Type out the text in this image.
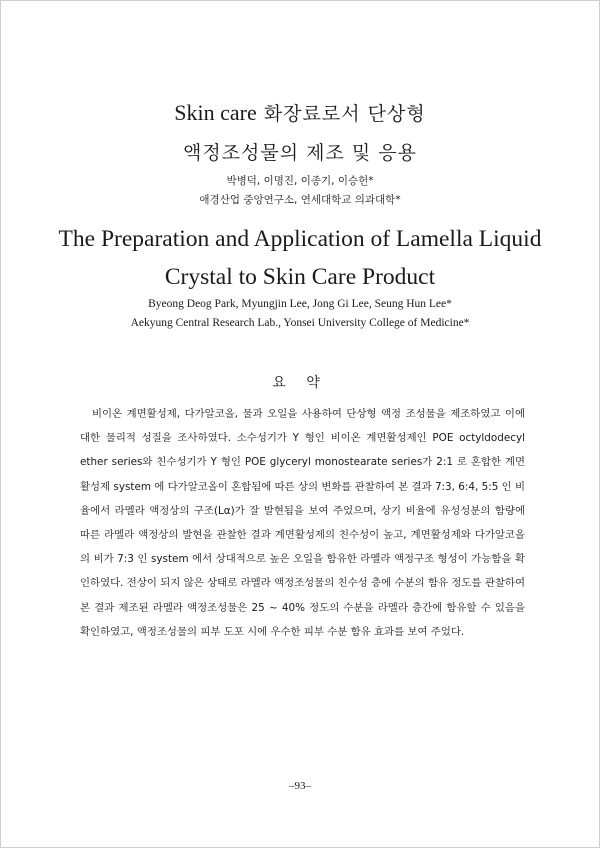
Skin care 화장료로서 단상형
액정조성물의 제조 및 응용
박병덕, 이명진, 이종기, 이승헌*
애경산업 중앙연구소, 연세대학교 의과대학*
The Preparation and Application of Lamella Liquid
Crystal to Skin Care Product
Byeong Deog Park, Myungjin Lee, Jong Gi Lee, Seung Hun Lee*
Aekyung Central Research Lab., Yonsei University College of Medicine*
요 약

비이온 계면활성제, 다가알코올, 물과 오일을 사용하여 단상형 액정 조성물을 제조하였고 이에 대한 물리적 성질을 조사하였다. 소수성기가 Y 형인 비이온 계면활성제인 POE octyldodecyl ether series와 친수성기가 Y 형인 POE glyceryl monostearate series가 2:1 로 혼합한 계면활성제 system 에 다가알코올이 혼합됨에 따른 상의 변화를 관찰하여 본 결과 7:3, 6:4, 5:5 인 비율에서 라멜라 액정상의 구조(Lα)가 잘 발현됨을 보여 주었으며, 상기 비율에 유성성분의 함량에 따른 라멜라 액정상의 발현을 관찰한 결과 계면활성제의 친수성이 높고, 계면활성제와 다가알코올의 비가 7:3 인 system 에서 상대적으로 높은 오일을 함유한 라멜라 액정구조 형성이 가능함을 확인하였다. 전상이 되지 않은 상태로 라멜라 액정조성물의 친수성 층에 수분의 함유 정도를 관찰하여 본 결과 제조된 라멜라 액정조성물은 25 ~ 40% 정도의 수분을 라멜라 층간에 함유할 수 있음을 확인하였고, 액정조성물의 피부 도포 시에 우수한 피부 수분 함유 효과를 보여 주었다.

–93–
